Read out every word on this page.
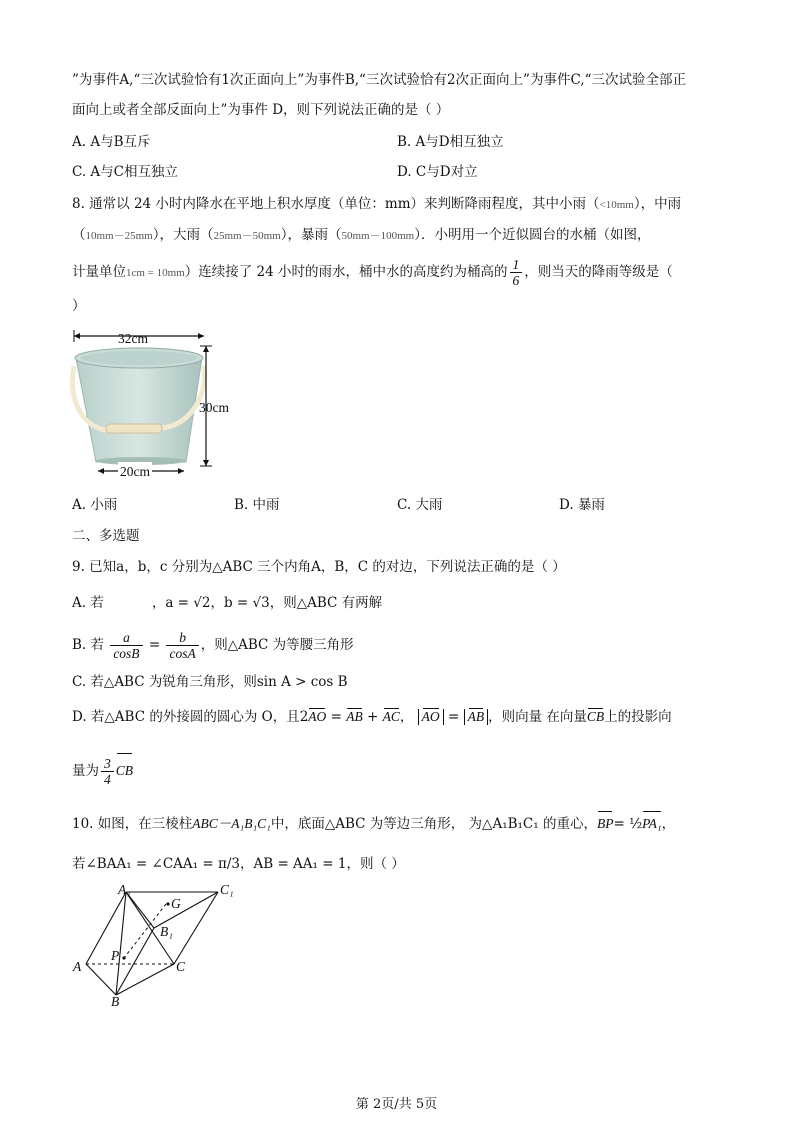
”为事件A,“三次试验恰有1次正面向上”为事件B,“三次试验恰有2次正面向上”为事件C,“三次试验全部正
面向上或者全部反面向上”为事件 D，则下列说法正确的是（ ）
A. A与B互斥	B. A与D相互独立
C. A与C相互独立	D. C与D对立
8. 通常以 24 小时内降水在平地上积水厚度（单位：mm）来判断降雨程度，其中小雨（<10mm），中雨
（10mm－25mm），大雨（25mm－50mm），暴雨（50mm－100mm）．小明用一个近似圆台的水桶（如图，
计量单位1cm = 10mm）连续接了 24 小时的雨水，桶中水的高度约为桶高的 $\frac{1}{6}$ ，则当天的降雨等级是（
）
32cm
30cm
20cm
A. 小雨	B. 中雨	C. 大雨	D. 暴雨
二、多选题
9. 已知a，b，c 分别为△ABC 三个内角A，B，C 的对边，下列说法正确的是（ ）
A. 若	，a = √2，b = √3，则△ABC 有两解
B. 若 $\frac{a}{\cos B} = \frac{b}{\cos A}$ ，则△ABC 为等腰三角形
C. 若△ABC 为锐角三角形，则sin A > cos B
D. 若△ABC 的外接圆的圆心为 O，且2AO = AB + AC， AO = AB ，则向量 在向量CB上的投影向
量为 $\frac{3}{4}$ CB
10. 如图，在三棱柱ABC－A₁B₁C₁中，底面△ABC 为等边三角形， 为△A₁B₁C₁ 的重心，BP= ½PA₁，
若∠BAA₁ = ∠CAA₁ = π/3，AB = AA₁ = 1，则（ ）
A₁	C₁
G
B₁
P
A	C
B
第 2页/共 5页
